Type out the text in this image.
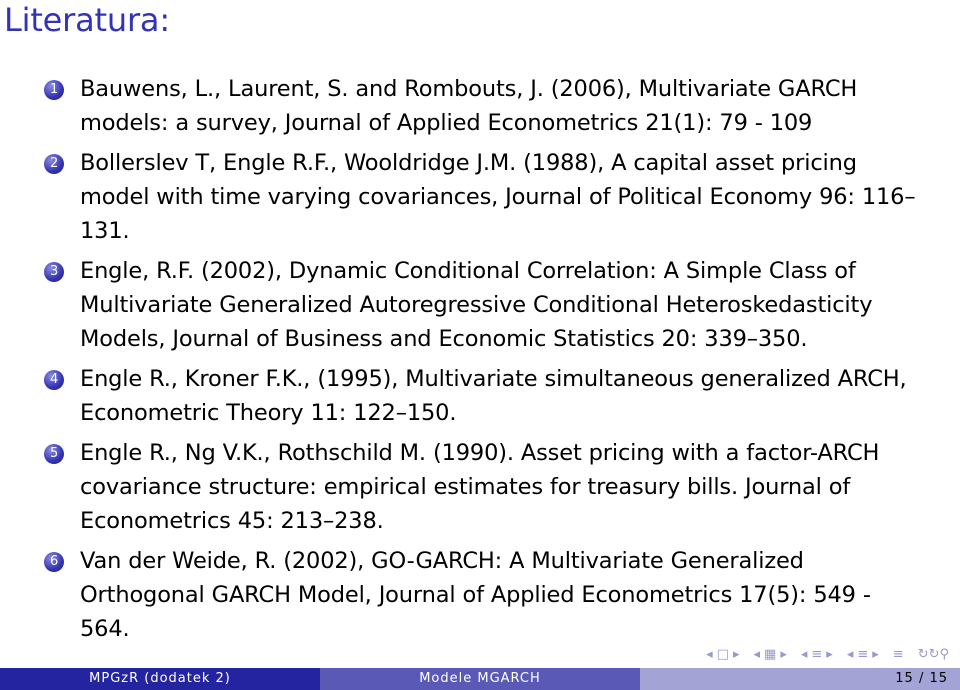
Literatura:
1 Bauwens, L., Laurent, S. and Rombouts, J. (2006), Multivariate GARCH models: a survey, Journal of Applied Econometrics 21(1): 79 - 109
2 Bollerslev T, Engle R.F., Wooldridge J.M. (1988), A capital asset pricing model with time varying covariances, Journal of Political Economy 96: 116–131.
3 Engle, R.F. (2002), Dynamic Conditional Correlation: A Simple Class of Multivariate Generalized Autoregressive Conditional Heteroskedasticity Models, Journal of Business and Economic Statistics 20: 339–350.
4 Engle R., Kroner F.K., (1995), Multivariate simultaneous generalized ARCH, Econometric Theory 11: 122–150.
5 Engle R., Ng V.K., Rothschild M. (1990). Asset pricing with a factor-ARCH covariance structure: empirical estimates for treasury bills. Journal of Econometrics 45: 213–238.
6 Van der Weide, R. (2002), GO-GARCH: A Multivariate Generalized Orthogonal GARCH Model, Journal of Applied Econometrics 17(5): 549 - 564.
◂ □ ▸ ◂ ▦ ▸ ◂ ≡ ▸ ◂ ≡ ▸ ≡ ↻↻⚲
MPGzR (dodatek 2)	Modele MGARCH	15 / 15
